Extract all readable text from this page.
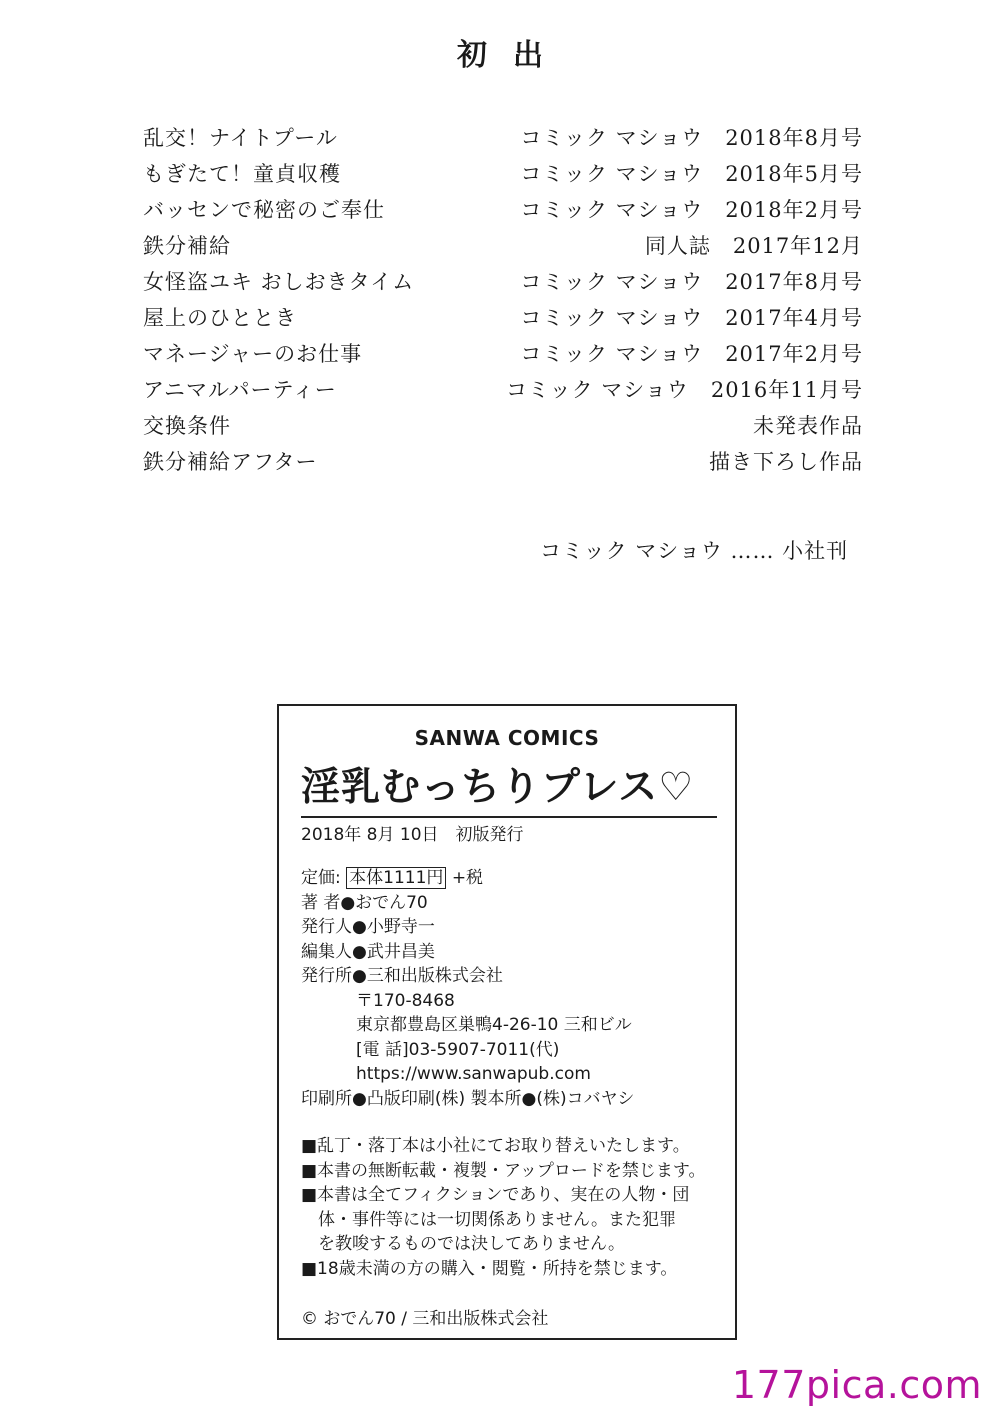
初出
乱交！ナイトプール	コミック マショウ　2018年8月号
もぎたて！童貞収穫	コミック マショウ　2018年5月号
バッセンで秘密のご奉仕	コミック マショウ　2018年2月号
鉄分補給	同人誌　2017年12月
女怪盗ユキ おしおきタイム	コミック マショウ　2017年8月号
屋上のひととき	コミック マショウ　2017年4月号
マネージャーのお仕事	コミック マショウ　2017年2月号
アニマルパーティー	コミック マショウ　2016年11月号
交換条件	未発表作品
鉄分補給アフター	描き下ろし作品
コミック マショウ …… 小社刊
SANWA COMICS
淫乳むっちりプレス♡
2018年 8月 10日　初版発行
定価: 本体1111円 +税
著 者●おでん70
発行人●小野寺一
編集人●武井昌美
発行所●三和出版株式会社
〒170-8468
東京都豊島区巣鴨4-26-10 三和ビル
[電 話]03-5907-7011(代)
https://www.sanwapub.com
印刷所●凸版印刷(株) 製本所●(株)コバヤシ
■乱丁・落丁本は小社にてお取り替えいたします。
■本書の無断転載・複製・アップロードを禁じます。
■本書は全てフィクションであり、実在の人物・団
　体・事件等には一切関係ありません。また犯罪
　を教唆するものでは決してありません。
■18歳未満の方の購入・閲覧・所持を禁じます。
© おでん70 / 三和出版株式会社
177pica.com
